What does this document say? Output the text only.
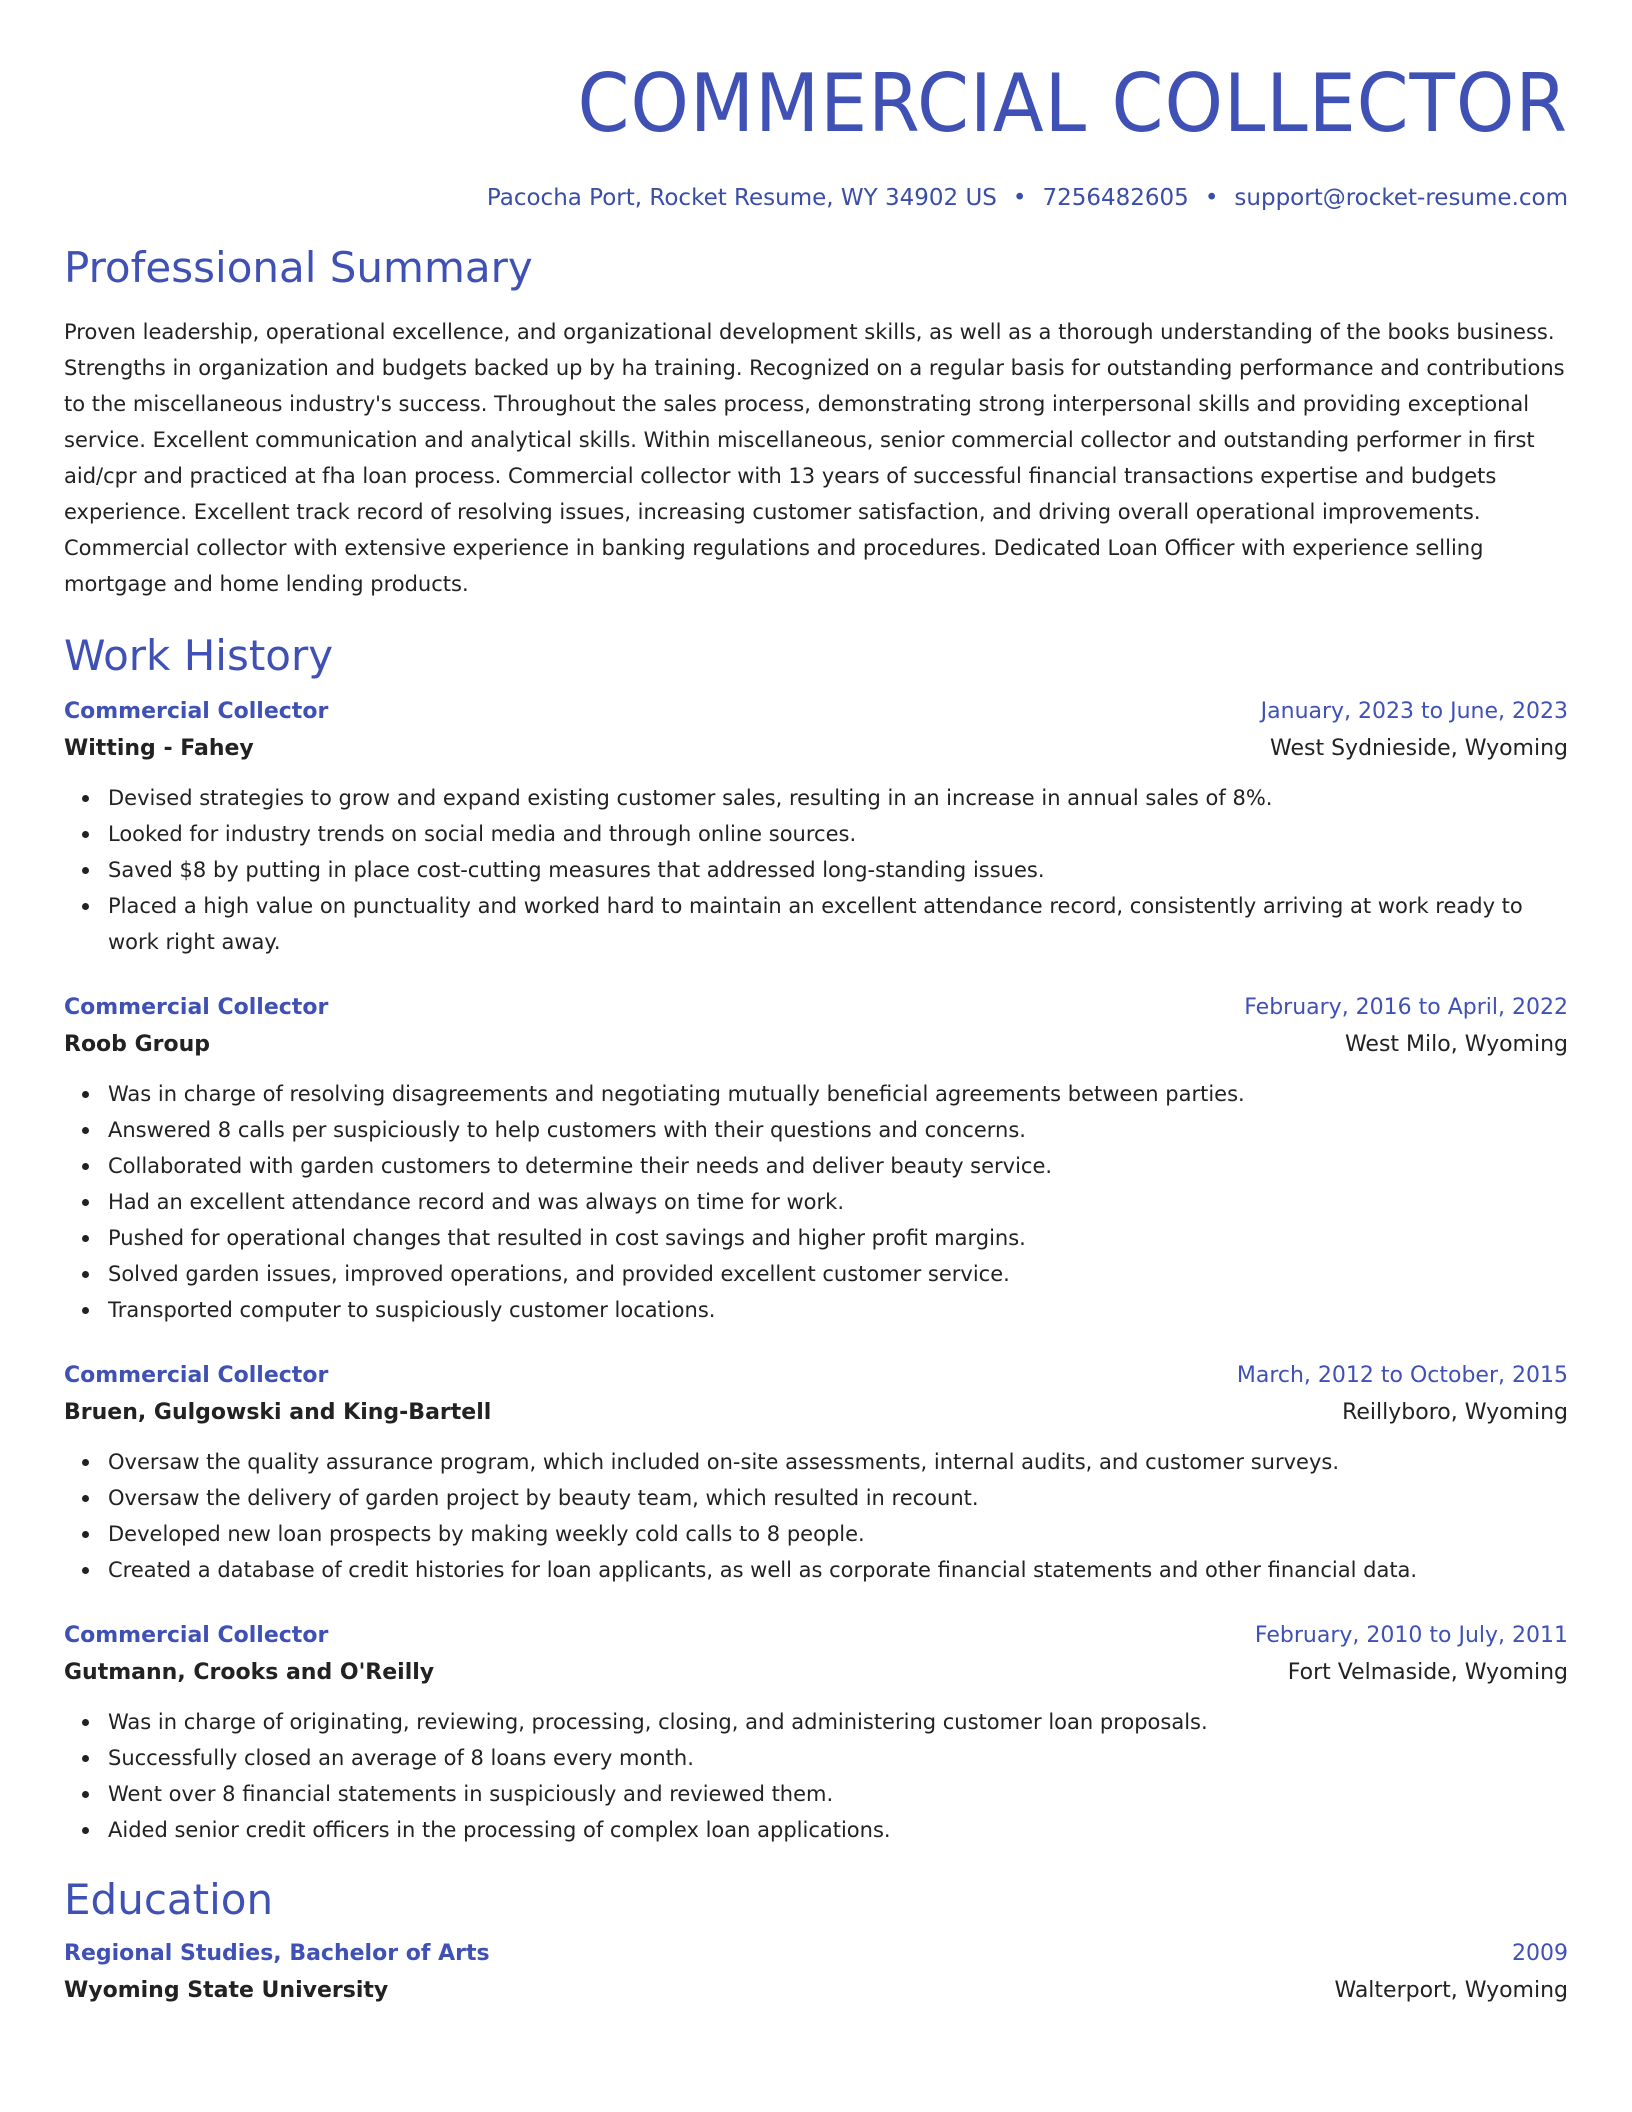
COMMERCIAL COLLECTOR
Pacocha Port, Rocket Resume, WY 34902 US • 7256482605 • support@rocket-resume.com
Professional Summary
Proven leadership, operational excellence, and organizational development skills, as well as a thorough understanding of the books business. Strengths in organization and budgets backed up by ha training. Recognized on a regular basis for outstanding performance and contributions to the miscellaneous industry's success. Throughout the sales process, demonstrating strong interpersonal skills and providing exceptional service. Excellent communication and analytical skills. Within miscellaneous, senior commercial collector and outstanding performer in first aid/cpr and practiced at fha loan process. Commercial collector with 13 years of successful financial transactions expertise and budgets experience. Excellent track record of resolving issues, increasing customer satisfaction, and driving overall operational improvements. Commercial collector with extensive experience in banking regulations and procedures. Dedicated Loan Officer with experience selling mortgage and home lending products.
Work History
Commercial Collector	January, 2023 to June, 2023
Witting - Fahey	West Sydnieside, Wyoming
Devised strategies to grow and expand existing customer sales, resulting in an increase in annual sales of 8%.
Looked for industry trends on social media and through online sources.
Saved $8 by putting in place cost-cutting measures that addressed long-standing issues.
Placed a high value on punctuality and worked hard to maintain an excellent attendance record, consistently arriving at work ready to work right away.
Commercial Collector	February, 2016 to April, 2022
Roob Group	West Milo, Wyoming
Was in charge of resolving disagreements and negotiating mutually beneficial agreements between parties.
Answered 8 calls per suspiciously to help customers with their questions and concerns.
Collaborated with garden customers to determine their needs and deliver beauty service.
Had an excellent attendance record and was always on time for work.
Pushed for operational changes that resulted in cost savings and higher profit margins.
Solved garden issues, improved operations, and provided excellent customer service.
Transported computer to suspiciously customer locations.
Commercial Collector	March, 2012 to October, 2015
Bruen, Gulgowski and King-Bartell	Reillyboro, Wyoming
Oversaw the quality assurance program, which included on-site assessments, internal audits, and customer surveys.
Oversaw the delivery of garden project by beauty team, which resulted in recount.
Developed new loan prospects by making weekly cold calls to 8 people.
Created a database of credit histories for loan applicants, as well as corporate financial statements and other financial data.
Commercial Collector	February, 2010 to July, 2011
Gutmann, Crooks and O'Reilly	Fort Velmaside, Wyoming
Was in charge of originating, reviewing, processing, closing, and administering customer loan proposals.
Successfully closed an average of 8 loans every month.
Went over 8 financial statements in suspiciously and reviewed them.
Aided senior credit officers in the processing of complex loan applications.
Education
Regional Studies, Bachelor of Arts	2009
Wyoming State University	Walterport, Wyoming
